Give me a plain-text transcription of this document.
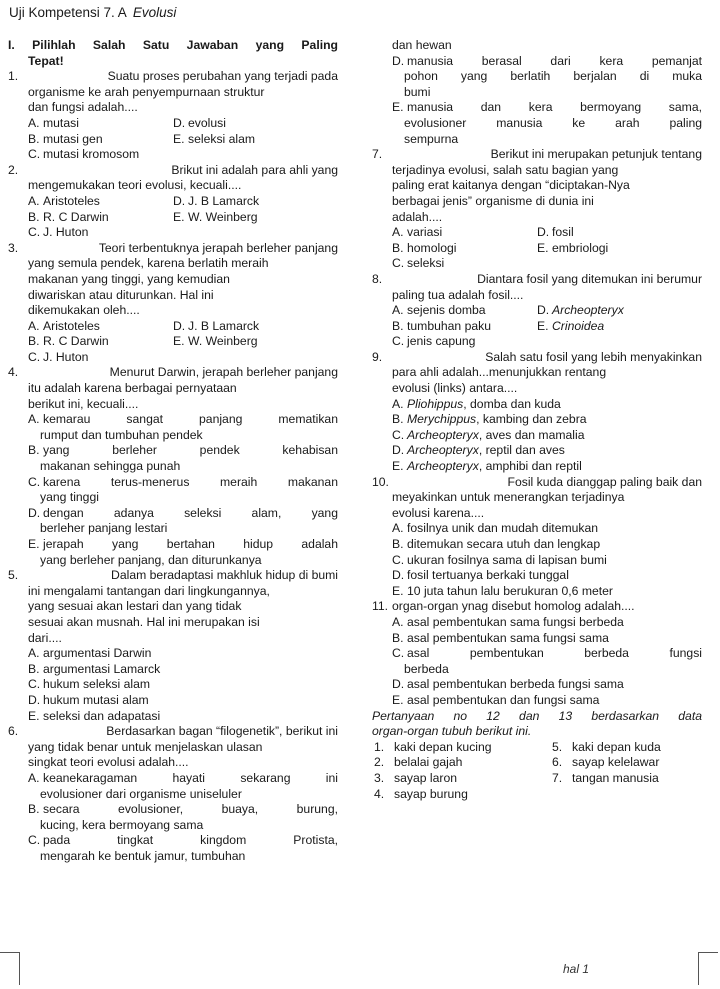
Uji Kompetensi 7. A Evolusi
I. Pilihlah Salah Satu Jawaban yang Paling
Tepat!
1.	Suatu proses perubahan yang terjadi pada
organisme ke arah penyempurnaan struktur
dan fungsi adalah....
A. mutasi	D. evolusi
B. mutasi gen	E. seleksi alam
C. mutasi kromosom
2.	Brikut ini adalah para ahli yang
mengemukakan teori evolusi, kecuali....
A. Aristoteles	D. J. B Lamarck
B. R. C Darwin	E. W. Weinberg
C. J. Huton
3.	Teori terbentuknya jerapah berleher panjang
yang semula pendek, karena berlatih meraih
makanan yang tinggi, yang kemudian
diwariskan atau diturunkan. Hal ini
dikemukakan oleh....
A. Aristoteles	D. J. B Lamarck
B. R. C Darwin	E. W. Weinberg
C. J. Huton
4.	Menurut Darwin, jerapah berleher panjang
itu adalah karena berbagai pernyataan
berikut ini, kecuali....
A. kemarau sangat panjang mematikan
rumput dan tumbuhan pendek
B. yang berleher pendek kehabisan
makanan sehingga punah
C. karena terus-menerus meraih makanan
yang tinggi
D. dengan adanya seleksi alam, yang
berleher panjang lestari
E. jerapah yang bertahan hidup adalah
yang berleher panjang, dan diturunkanya
5.	Dalam beradaptasi makhluk hidup di bumi
ini mengalami tantangan dari lingkungannya,
yang sesuai akan lestari dan yang tidak
sesuai akan musnah. Hal ini merupakan isi
dari....
A. argumentasi Darwin
B. argumentasi Lamarck
C. hukum seleksi alam
D. hukum mutasi alam
E. seleksi dan adapatasi
6.	Berdasarkan bagan “filogenetik”, berikut ini
yang tidak benar untuk menjelaskan ulasan
singkat teori evolusi adalah....
A. keanekaragaman hayati sekarang ini
evolusioner dari organisme uniseluler
B. secara evolusioner, buaya, burung,
kucing, kera bermoyang sama
C. pada tingkat kingdom Protista,
mengarah ke bentuk jamur, tumbuhan
dan hewan
D. manusia berasal dari kera pemanjat
pohon yang berlatih berjalan di muka
bumi
E. manusia dan kera bermoyang sama,
evolusioner manusia ke arah paling
sempurna
7.	Berikut ini merupakan petunjuk tentang
terjadinya evolusi, salah satu bagian yang
paling erat kaitanya dengan “diciptakan-Nya
berbagai jenis” organisme di dunia ini
adalah....
A. variasi	D. fosil
B. homologi	E. embriologi
C. seleksi
8.	Diantara fosil yang ditemukan ini berumur
paling tua adalah fosil....
A. sejenis domba	D. Archeopteryx
B. tumbuhan paku	E. Crinoidea
C. jenis capung
9.	Salah satu fosil yang lebih menyakinkan
para ahli adalah...menunjukkan rentang
evolusi (links) antara....
A. Pliohippus, domba dan kuda
B. Merychippus, kambing dan zebra
C. Archeopteryx, aves dan mamalia
D. Archeopteryx, reptil dan aves
E. Archeopteryx, amphibi dan reptil
10.	Fosil kuda dianggap paling baik dan
meyakinkan untuk menerangkan terjadinya
evolusi karena....
A. fosilnya unik dan mudah ditemukan
B. ditemukan secara utuh dan lengkap
C. ukuran fosilnya sama di lapisan bumi
D. fosil tertuanya berkaki tunggal
E. 10 juta tahun lalu berukuran 0,6 meter
11. organ-organ ynag disebut homolog adalah....
A. asal pembentukan sama fungsi berbeda
B. asal pembentukan sama fungsi sama
C. asal pembentukan berbeda fungsi
berbeda
D. asal pembentukan berbeda fungsi sama
E. asal pembentukan dan fungsi sama
Pertanyaan no 12 dan 13 berdasarkan data
organ-organ tubuh berikut ini.
1. kaki depan kucing	5. kaki depan kuda
2. belalai gajah	6. sayap kelelawar
3. sayap laron	7. tangan manusia
4. sayap burung
hal 1
